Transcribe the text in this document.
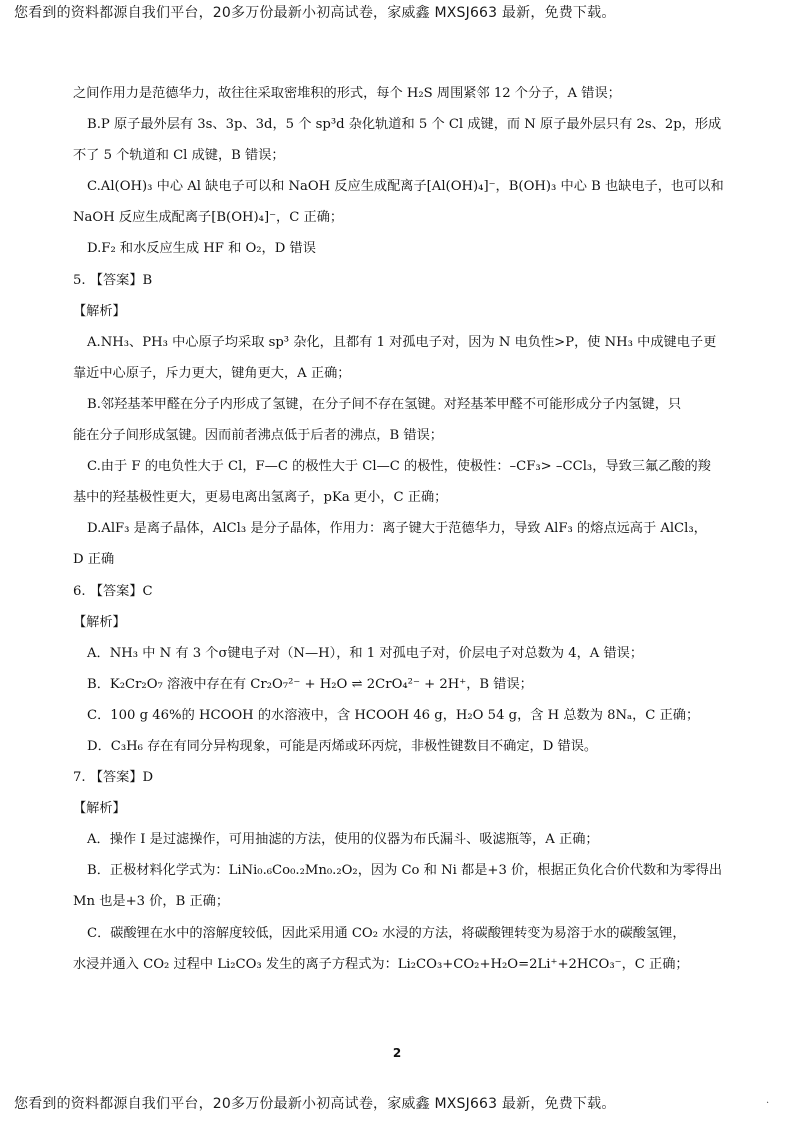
您看到的资料都源自我们平台，20多万份最新小初高试卷，家威鑫 MXSJ663 最新，免费下载。
之间作用力是范德华力，故往往采取密堆积的形式，每个 H₂S 周围紧邻 12 个分子，A 错误；
B.P 原子最外层有 3s、3p、3d，5 个 sp³d 杂化轨道和 5 个 Cl 成键，而 N 原子最外层只有 2s、2p，形成
不了 5 个轨道和 Cl 成键，B 错误；
C.Al(OH)₃ 中心 Al 缺电子可以和 NaOH 反应生成配离子[Al(OH)₄]⁻，B(OH)₃ 中心 B 也缺电子，也可以和
NaOH 反应生成配离子[B(OH)₄]⁻，C 正确；
D.F₂ 和水反应生成 HF 和 O₂，D 错误
5. 【答案】B
【解析】
A.NH₃、PH₃ 中心原子均采取 sp³ 杂化，且都有 1 对孤电子对，因为 N 电负性>P，使 NH₃ 中成键电子更
靠近中心原子，斥力更大，键角更大，A 正确；
B.邻羟基苯甲醛在分子内形成了氢键，在分子间不存在氢键。对羟基苯甲醛不可能形成分子内氢键，只
能在分子间形成氢键。因而前者沸点低于后者的沸点，B 错误；
C.由于 F 的电负性大于 Cl，F—C 的极性大于 Cl—C 的极性，使极性：–CF₃> –CCl₃，导致三氟乙酸的羧
基中的羟基极性更大，更易电离出氢离子，pKa 更小，C 正确；
D.AlF₃ 是离子晶体，AlCl₃ 是分子晶体，作用力：离子键大于范德华力，导致 AlF₃ 的熔点远高于 AlCl₃，
D 正确
6. 【答案】C
【解析】
A．NH₃ 中 N 有 3 个σ键电子对（N—H），和 1 对孤电子对，价层电子对总数为 4，A 错误；
B．K₂Cr₂O₇ 溶液中存在有 Cr₂O₇²⁻ + H₂O ⇌ 2CrO₄²⁻ + 2H⁺，B 错误；
C．100 g 46%的 HCOOH 的水溶液中，含 HCOOH 46 g，H₂O 54 g，含 H 总数为 8Nₐ，C 正确；
D．C₃H₆ 存在有同分异构现象，可能是丙烯或环丙烷，非极性键数目不确定，D 错误。
7. 【答案】D
【解析】
A．操作 I 是过滤操作，可用抽滤的方法，使用的仪器为布氏漏斗、吸滤瓶等，A 正确；
B．正极材料化学式为：LiNi₀.₆Co₀.₂Mn₀.₂O₂，因为 Co 和 Ni 都是+3 价，根据正负化合价代数和为零得出
Mn 也是+3 价，B 正确；
C．碳酸锂在水中的溶解度较低，因此采用通 CO₂ 水浸的方法，将碳酸锂转变为易溶于水的碳酸氢锂，
水浸并通入 CO₂ 过程中 Li₂CO₃ 发生的离子方程式为：Li₂CO₃+CO₂+H₂O=2Li⁺+2HCO₃⁻，C 正确；
2
您看到的资料都源自我们平台，20多万份最新小初高试卷，家威鑫 MXSJ663 最新，免费下载。	·
